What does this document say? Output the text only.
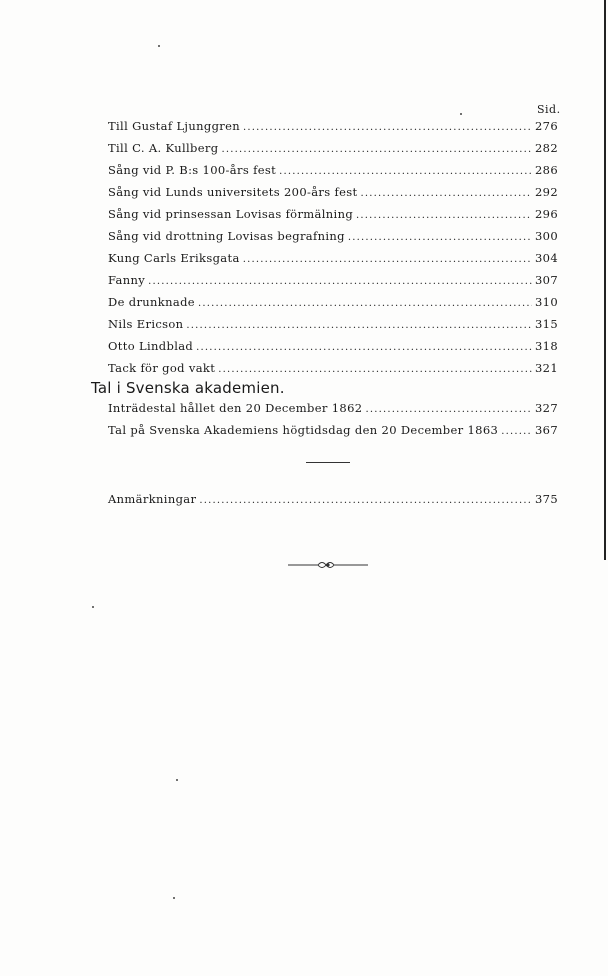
Sid.
Till Gustaf Ljunggren .....	276
Till C. A. Kullberg .....	282
Sång vid P. B:s 100-års fest .....	286
Sång vid Lunds universitets 200-års fest .....	292
Sång vid prinsessan Lovisas förmälning .....	296
Sång vid drottning Lovisas begrafning .....	300
Kung Carls Eriksgata .....	304
Fanny .....	307
De drunknade .....	310
Nils Ericson .....	315
Otto Lindblad .....	318
Tack för god vakt .....	321
Tal i Svenska akademien.
Inträdestal hållet den 20 December 1862 .....	327
Tal på Svenska Akademiens högtidsdag den 20 December 1863 .....	367
Anmärkningar .....	375
